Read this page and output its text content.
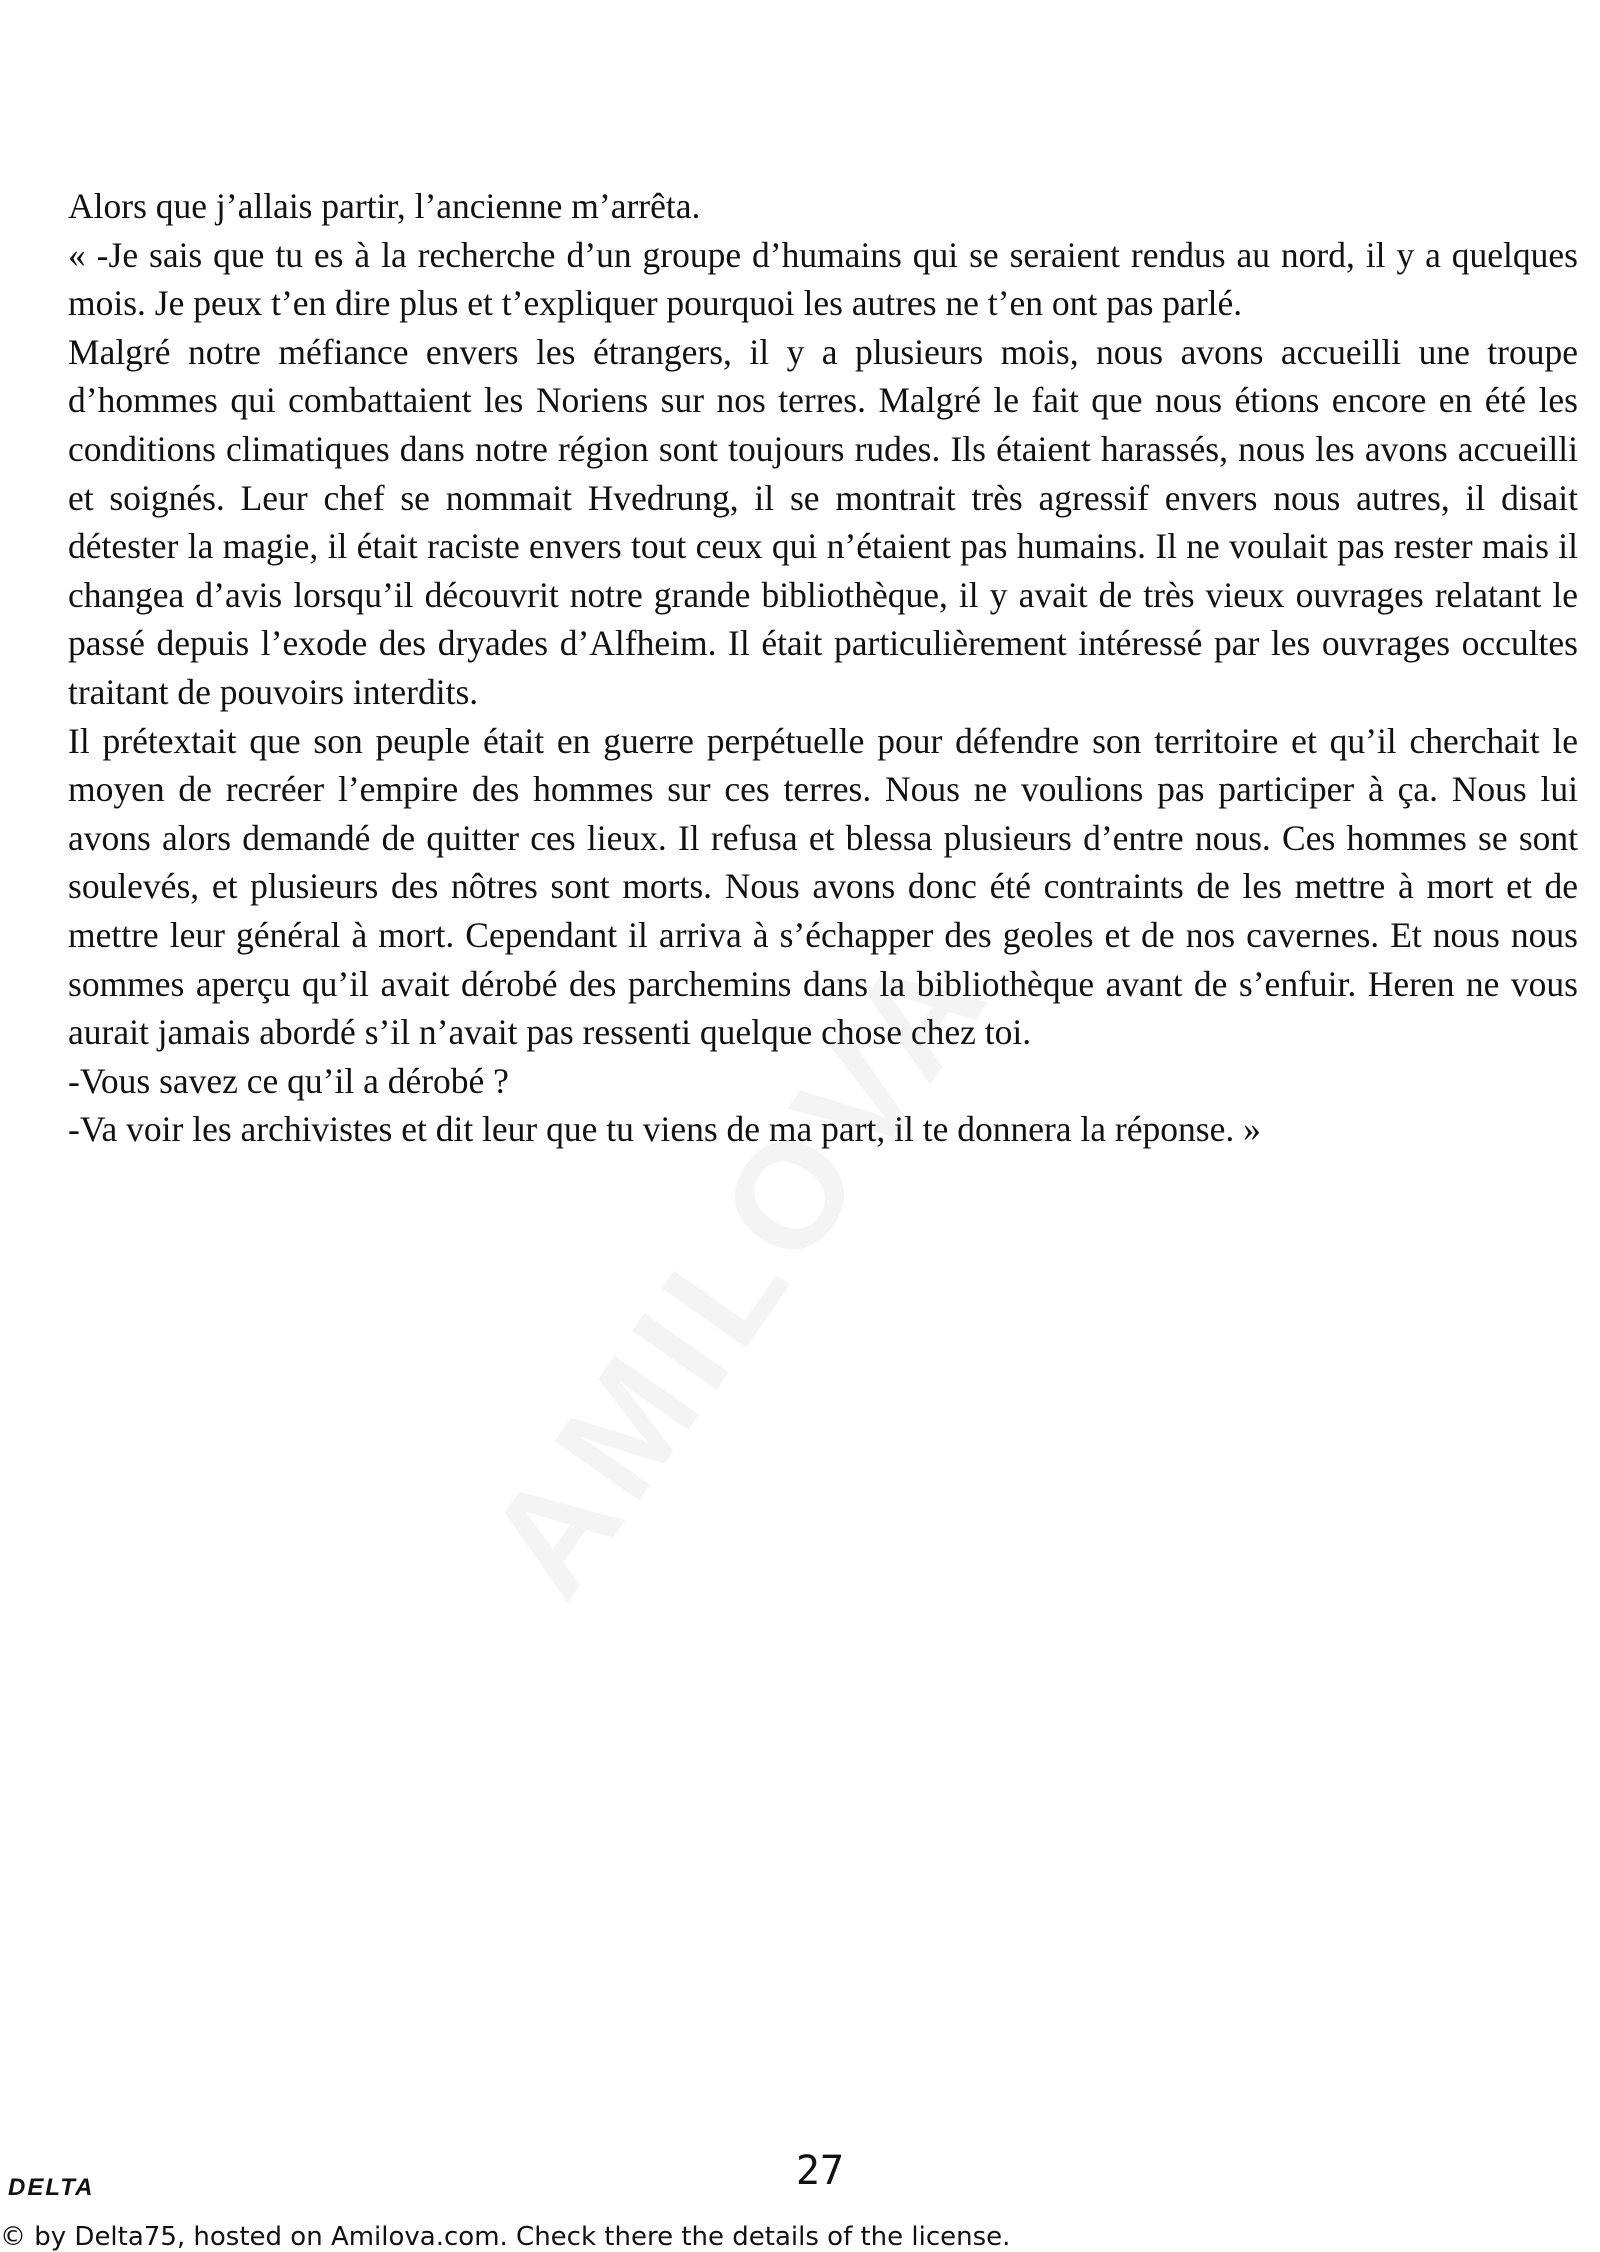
Alors que j’allais partir, l’ancienne m’arrêta.

« -Je sais que tu es à la recherche d’un groupe d’humains qui se seraient rendus au nord, il y a quelques mois. Je peux t’en dire plus et t’expliquer pourquoi les autres ne t’en ont pas parlé.

Malgré notre méfiance envers les étrangers, il y a plusieurs mois, nous avons accueilli une troupe d’hommes qui combattaient les Noriens sur nos terres. Malgré le fait que nous étions encore en été les conditions climatiques dans notre région sont toujours rudes. Ils étaient harassés, nous les avons accueilli et soignés. Leur chef se nommait Hvedrung, il se montrait très agressif envers nous autres, il disait détester la magie, il était raciste envers tout ceux qui n’étaient pas humains. Il ne voulait pas rester mais il changea d’avis lorsqu’il découvrit notre grande bibliothèque, il y avait de très vieux ouvrages relatant le passé depuis l’exode des dryades d’Alfheim. Il était particulièrement intéressé par les ouvrages occultes traitant de pouvoirs interdits.

Il prétextait que son peuple était en guerre perpétuelle pour défendre son territoire et qu’il cherchait le moyen de recréer l’empire des hommes sur ces terres. Nous ne voulions pas participer à ça. Nous lui avons alors demandé de quitter ces lieux. Il refusa et blessa plusieurs d’entre nous. Ces hommes se sont soulevés, et plusieurs des nôtres sont morts. Nous avons donc été contraints de les mettre à mort et de mettre leur général à mort. Cependant il arriva à s’échapper des geoles et de nos cavernes. Et nous nous sommes aperçu qu’il avait dérobé des parchemins dans la bibliothèque avant de s’enfuir. Heren ne vous aurait jamais abordé s’il n’avait pas ressenti quelque chose chez toi.

-Vous savez ce qu’il a dérobé ?

-Va voir les archivistes et dit leur que tu viens de ma part, il te donnera la réponse. »

DELTA	27
© by Delta75, hosted on Amilova.com. Check there the details of the license.
